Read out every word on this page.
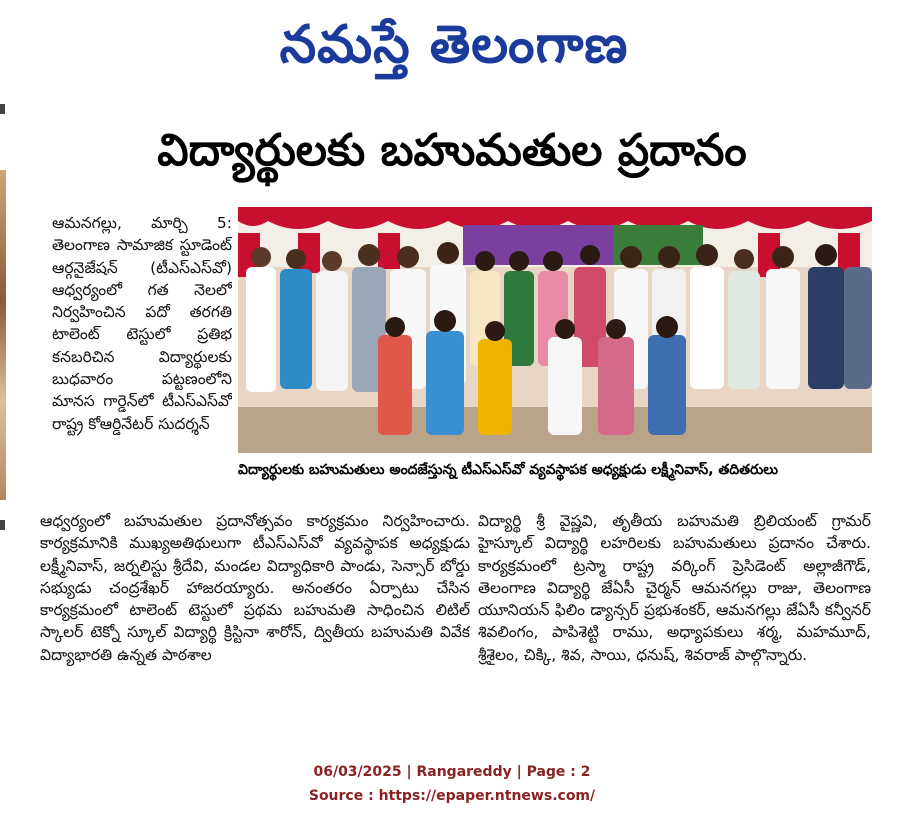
నమస్తే తెలంగాణ
విద్యార్థులకు బహుమతుల ప్రదానం
ఆమనగల్లు, మార్చి 5: తెలంగాణ సామాజిక స్టూడెంట్ ఆర్గనైజేషన్ (టీఎస్ఎస్‌వో) ఆధ్వర్యంలో గత నెలలో నిర్వహించిన పదో తరగతి టాలెంట్ టెస్టులో ప్రతిభ కనబరిచిన విద్యార్థులకు బుధవారం పట్టణంలోని మానస గార్డెన్‌లో టీఎస్ఎస్‌వో రాష్ట్ర కోఆర్డినేటర్ సుదర్శన్
విద్యార్థులకు బహుమతులు అందజేస్తున్న టీఎస్ఎస్‌వో వ్యవస్థాపక అధ్యక్షుడు లక్ష్మీనివాస్, తదితరులు
ఆధ్వర్యంలో బహుమతుల ప్రదానోత్సవం కార్యక్రమం నిర్వహించారు. కార్యక్రమానికి ముఖ్యఅతిథులుగా టీఎస్ఎస్‌వో వ్యవస్థాపక అధ్యక్షుడు లక్ష్మీనివాస్, జర్నలిస్టు శ్రీదేవి, మండల విద్యాధికారి పాండు, సెన్సార్ బోర్డు సభ్యుడు చంద్రశేఖర్ హాజరయ్యారు. అనంతరం ఏర్పాటు చేసిన కార్యక్రమంలో టాలెంట్ టెస్టులో ప్రథమ బహుమతి సాధించిన లిటిల్ స్కాలర్ టెక్నో స్కూల్ విద్యార్థి క్రిస్టినా శారోన్, ద్వితీయ బహుమతి వివేక విద్యాభారతి ఉన్నత పాఠశాల
విద్యార్థి శ్రీ వైష్ణవి, తృతీయ బహుమతి బ్రిలియంట్ గ్రామర్ హైస్కూల్ విద్యార్థి లహరిలకు బహుమతులు ప్రదానం చేశారు. కార్యక్రమంలో ట్రస్మా రాష్ట్ర వర్కింగ్ ప్రెసిడెంట్ అల్లాజీగౌడ్, తెలంగాణ విద్యార్థి జేఏసీ చైర్మన్ ఆమనగల్లు రాజు, తెలంగాణ యూనియన్ ఫిలిం డ్యాన్సర్ ప్రభుశంకర్, ఆమనగల్లు జేఏసీ కన్వీనర్ శివలింగం, పాపిశెట్టి రాము, అధ్యాపకులు శర్మ, మహమూద్, శ్రీశైలం, చిక్కి, శివ, సాయి, ధనుష్, శివరాజ్ పాల్గొన్నారు.
06/03/2025 | Rangareddy | Page : 2
Source : https://epaper.ntnews.com/
